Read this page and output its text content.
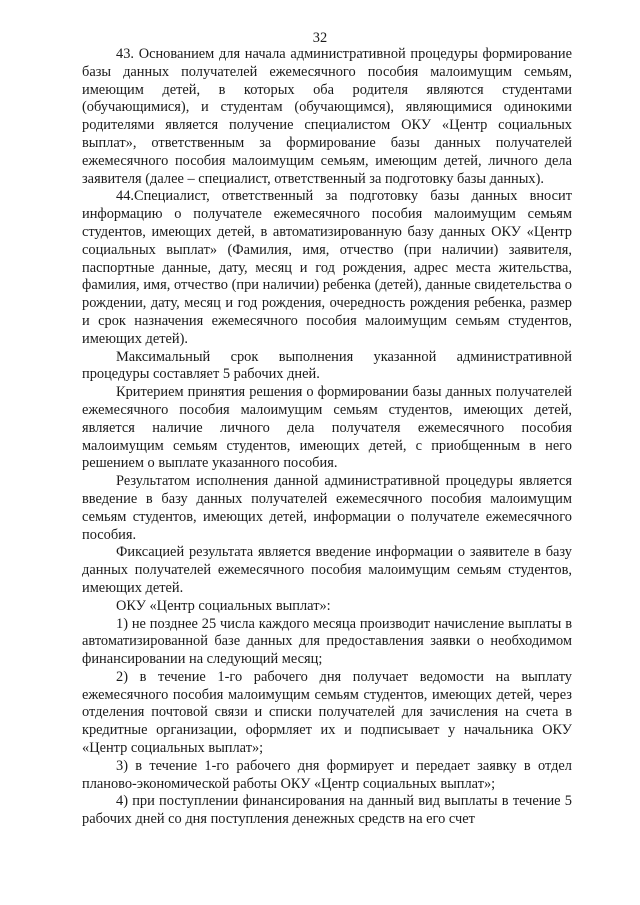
32

43. Основанием для начала административной процедуры формирование базы данных получателей ежемесячного пособия малоимущим семьям, имеющим детей, в которых оба родителя являются студентами (обучающимися), и студентам (обучающимся), являющимися одинокими родителями является получение специалистом ОКУ «Центр социальных выплат», ответственным за формирование базы данных получателей ежемесячного пособия малоимущим семьям, имеющим детей, личного дела заявителя (далее – специалист, ответственный за подготовку базы данных).

44.Специалист, ответственный за подготовку базы данных вносит информацию о получателе ежемесячного пособия малоимущим семьям студентов, имеющих детей, в автоматизированную базу данных ОКУ «Центр социальных выплат» (Фамилия, имя, отчество (при наличии) заявителя, паспортные данные, дату, месяц и год рождения, адрес места жительства, фамилия, имя, отчество (при наличии) ребенка (детей), данные свидетельства о рождении, дату, месяц и год рождения, очередность рождения ребенка, размер и срок назначения ежемесячного пособия малоимущим семьям студентов, имеющих детей).

Максимальный срок выполнения указанной административной процедуры составляет 5 рабочих дней.

Критерием принятия решения о формировании базы данных получателей ежемесячного пособия малоимущим семьям студентов, имеющих детей, является наличие личного дела получателя ежемесячного пособия малоимущим семьям студентов, имеющих детей, с приобщенным в него решением о выплате указанного пособия.

Результатом исполнения данной административной процедуры является введение в базу данных получателей ежемесячного пособия малоимущим семьям студентов, имеющих детей, информации о получателе ежемесячного пособия.

Фиксацией результата является введение информации о заявителе в базу данных получателей ежемесячного пособия малоимущим семьям студентов, имеющих детей.

ОКУ «Центр социальных выплат»:

1) не позднее 25 числа каждого месяца производит начисление выплаты в автоматизированной базе данных для предоставления заявки о необходимом финансировании на следующий месяц;

2) в течение 1-го рабочего дня получает ведомости на выплату ежемесячного пособия малоимущим семьям студентов, имеющих детей, через отделения почтовой связи и списки получателей для зачисления на счета в кредитные организации, оформляет их и подписывает у начальника ОКУ «Центр социальных выплат»;

3) в течение 1-го рабочего дня формирует и передает заявку в отдел планово-экономической работы ОКУ «Центр социальных выплат»;

4) при поступлении финансирования на данный вид выплаты в течение 5 рабочих дней со дня поступления денежных средств на его счет
